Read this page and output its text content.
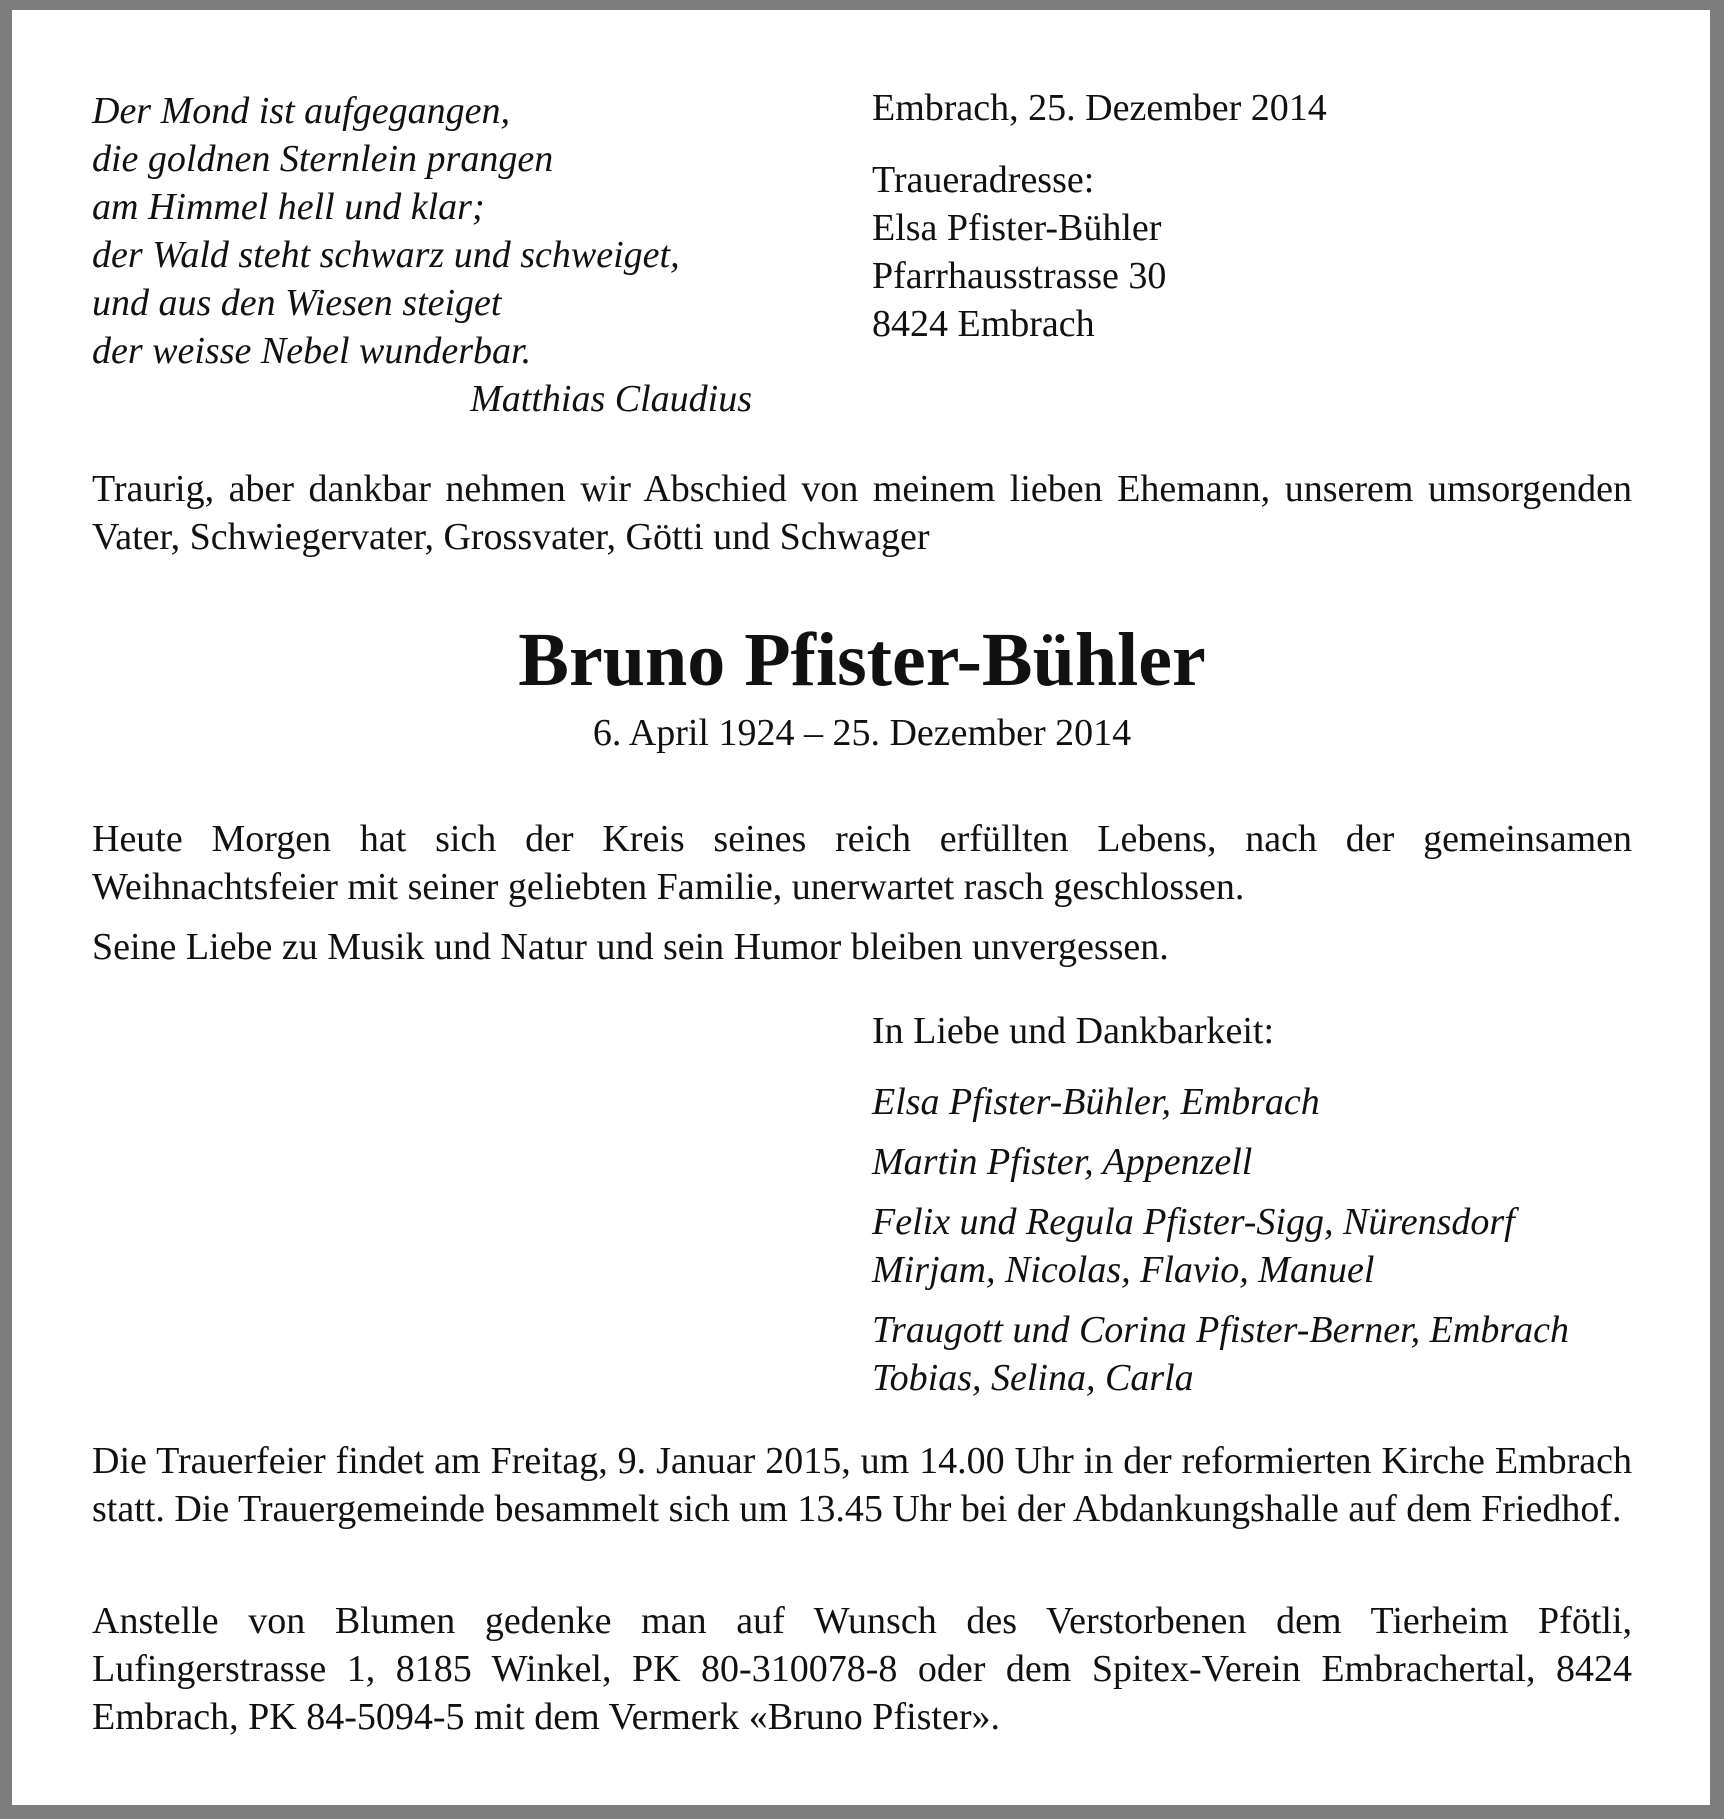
Der Mond ist aufgegangen,
die goldnen Sternlein prangen
am Himmel hell und klar;
der Wald steht schwarz und schweiget,
und aus den Wiesen steiget
der weisse Nebel wunderbar.
Matthias Claudius
Embrach, 25. Dezember 2014
Traueradresse:
Elsa Pfister-Bühler
Pfarrhausstrasse 30
8424 Embrach
Traurig, aber dankbar nehmen wir Abschied von meinem lieben Ehemann, unserem umsorgenden Vater, Schwiegervater, Grossvater, Götti und Schwager
Bruno Pfister-Bühler
6. April 1924 – 25. Dezember 2014
Heute Morgen hat sich der Kreis seines reich erfüllten Lebens, nach der gemeinsamen Weihnachtsfeier mit seiner geliebten Familie, unerwartet rasch geschlossen.
Seine Liebe zu Musik und Natur und sein Humor bleiben unvergessen.
In Liebe und Dankbarkeit:
Elsa Pfister-Bühler, Embrach
Martin Pfister, Appenzell
Felix und Regula Pfister-Sigg, Nürensdorf
Mirjam, Nicolas, Flavio, Manuel
Traugott und Corina Pfister-Berner, Embrach
Tobias, Selina, Carla
Die Trauerfeier findet am Freitag, 9. Januar 2015, um 14.00 Uhr in der reformierten Kirche Embrach statt. Die Trauergemeinde besammelt sich um 13.45 Uhr bei der Abdankungshalle auf dem Friedhof.
Anstelle von Blumen gedenke man auf Wunsch des Verstorbenen dem Tierheim Pfötli, Lufingerstrasse 1, 8185 Winkel, PK 80-310078-8 oder dem Spitex-Verein Embrachertal, 8424 Embrach, PK 84-5094-5 mit dem Vermerk «Bruno Pfister».
